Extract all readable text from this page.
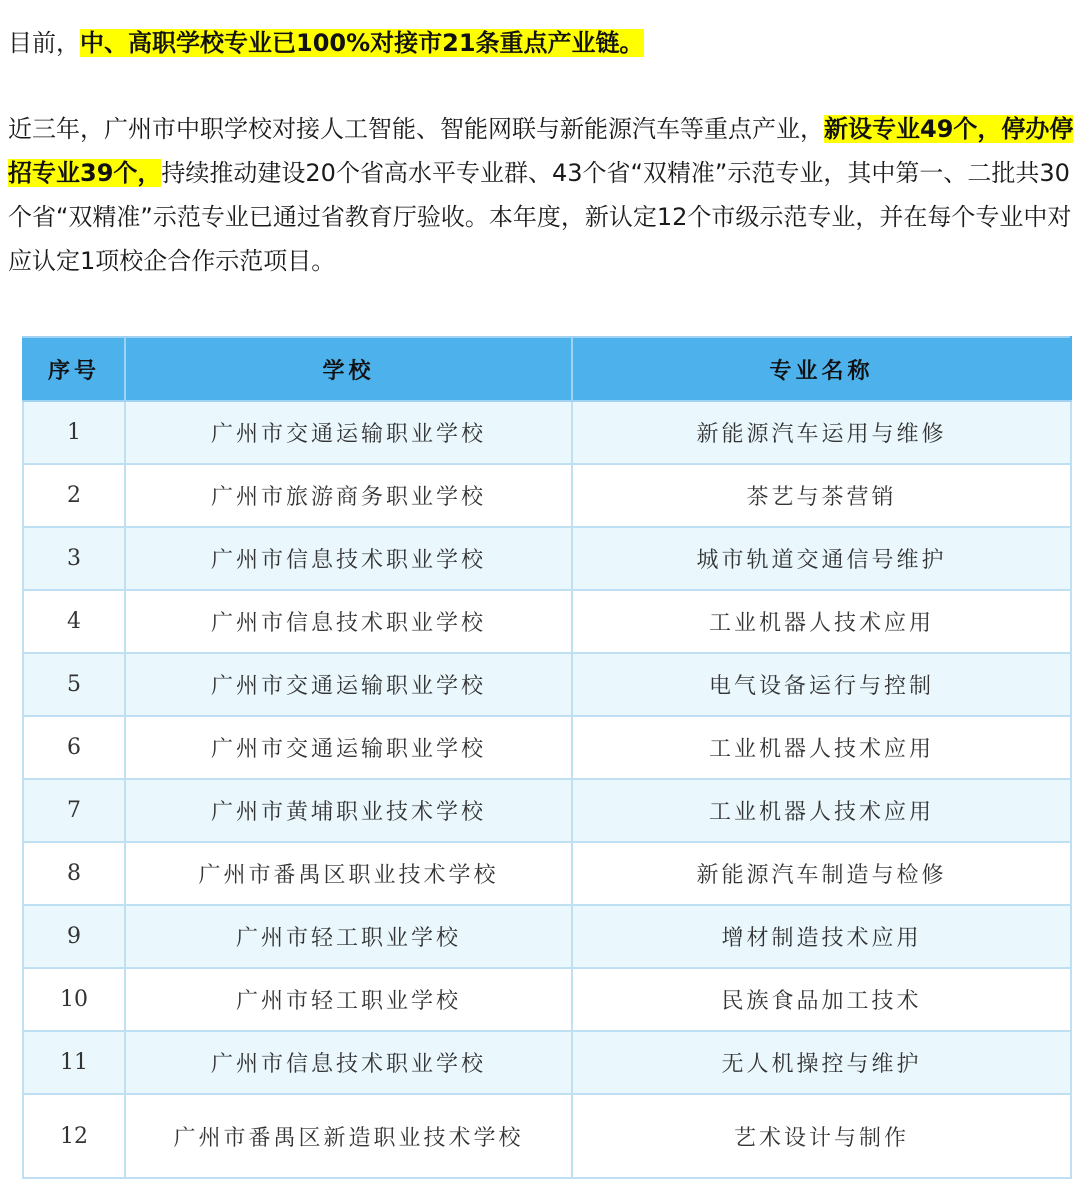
目前，中、高职学校专业已100%对接市21条重点产业链。

近三年，广州市中职学校对接人工智能、智能网联与新能源汽车等重点产业，新设专业49个，停办停招专业39个，持续推动建设20个省高水平专业群、43个省“双精准”示范专业，其中第一、二批共30个省“双精准”示范专业已通过省教育厅验收。本年度，新认定12个市级示范专业，并在每个专业中对应认定1项校企合作示范项目。

序号	学校	专业名称
1	广州市交通运输职业学校	新能源汽车运用与维修
2	广州市旅游商务职业学校	茶艺与茶营销
3	广州市信息技术职业学校	城市轨道交通信号维护
4	广州市信息技术职业学校	工业机器人技术应用
5	广州市交通运输职业学校	电气设备运行与控制
6	广州市交通运输职业学校	工业机器人技术应用
7	广州市黄埔职业技术学校	工业机器人技术应用
8	广州市番禺区职业技术学校	新能源汽车制造与检修
9	广州市轻工职业学校	增材制造技术应用
10	广州市轻工职业学校	民族食品加工技术
11	广州市信息技术职业学校	无人机操控与维护
12	广州市番禺区新造职业技术学校	艺术设计与制作
